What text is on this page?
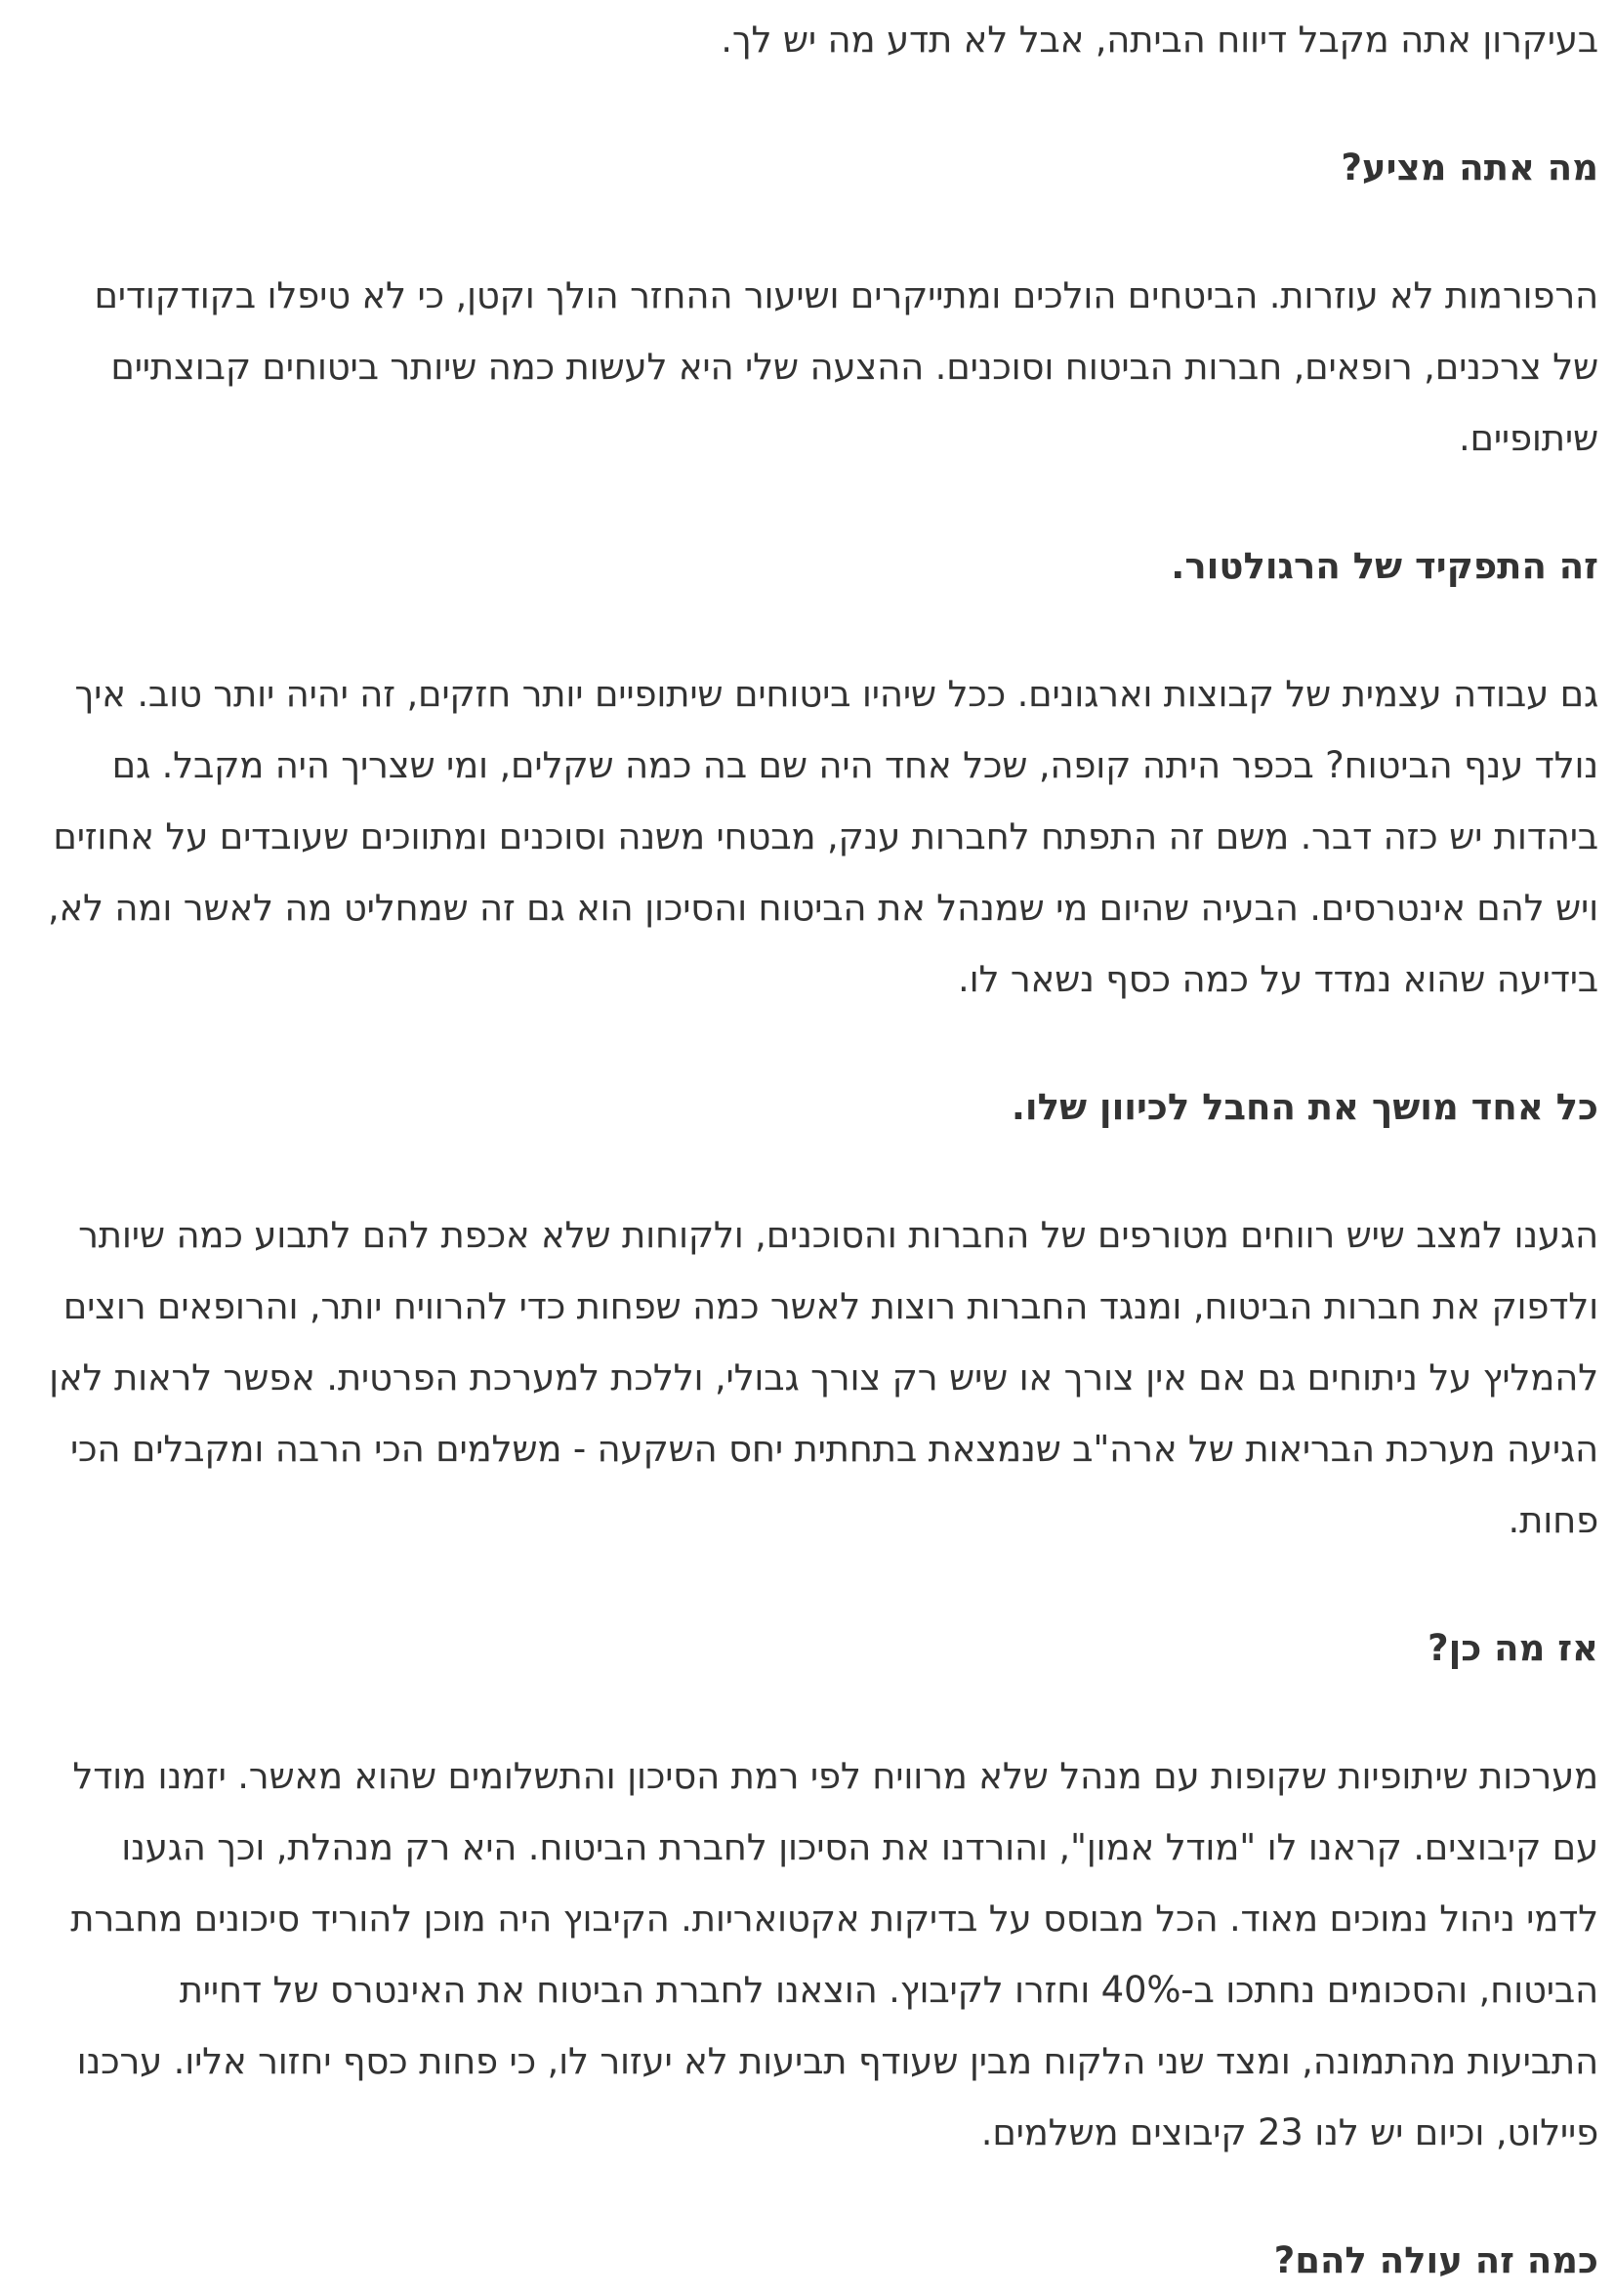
בעיקרון אתה מקבל דיווח הביתה, אבל לא תדע מה יש לך.

מה אתה מציע?

הרפורמות לא עוזרות. הביטחים הולכים ומתייקרים ושיעור ההחזר הולך וקטן, כי לא טיפלו בקודקודים של צרכנים, רופאים, חברות הביטוח וסוכנים. ההצעה שלי היא לעשות כמה שיותר ביטוחים קבוצתיים שיתופיים.

זה התפקיד של הרגולטור.

גם עבודה עצמית של קבוצות וארגונים. ככל שיהיו ביטוחים שיתופיים יותר חזקים, זה יהיה יותר טוב. איך נולד ענף הביטוח? בכפר היתה קופה, שכל אחד היה שם בה כמה שקלים, ומי שצריך היה מקבל. גם ביהדות יש כזה דבר. משם זה התפתח לחברות ענק, מבטחי משנה וסוכנים ומתווכים שעובדים על אחוזים ויש להם אינטרסים. הבעיה שהיום מי שמנהל את הביטוח והסיכון הוא גם זה שמחליט מה לאשר ומה לא, בידיעה שהוא נמדד על כמה כסף נשאר לו.

כל אחד מושך את החבל לכיוון שלו.

הגענו למצב שיש רווחים מטורפים של החברות והסוכנים, ולקוחות שלא אכפת להם לתבוע כמה שיותר ולדפוק את חברות הביטוח, ומנגד החברות רוצות לאשר כמה שפחות כדי להרוויח יותר, והרופאים רוצים להמליץ על ניתוחים גם אם אין צורך או שיש רק צורך גבולי, וללכת למערכת הפרטית. אפשר לראות לאן הגיעה מערכת הבריאות של ארה"ב שנמצאת בתחתית יחס השקעה - משלמים הכי הרבה ומקבלים הכי פחות.

אז מה כן?

מערכות שיתופיות שקופות עם מנהל שלא מרוויח לפי רמת הסיכון והתשלומים שהוא מאשר. יזמנו מודל עם קיבוצים. קראנו לו "מודל אמון", והורדנו את הסיכון לחברת הביטוח. היא רק מנהלת, וכך הגענו לדמי ניהול נמוכים מאוד. הכל מבוסס על בדיקות אקטואריות. הקיבוץ היה מוכן להוריד סיכונים מחברת הביטוח, והסכומים נחתכו ב-40% וחזרו לקיבוץ. הוצאנו לחברת הביטוח את האינטרס של דחיית התביעות מהתמונה, ומצד שני הלקוח מבין שעודף תביעות לא יעזור לו, כי פחות כסף יחזור אליו. ערכנו פיילוט, וכיום יש לנו 23 קיבוצים משלמים.

כמה זה עולה להם?
